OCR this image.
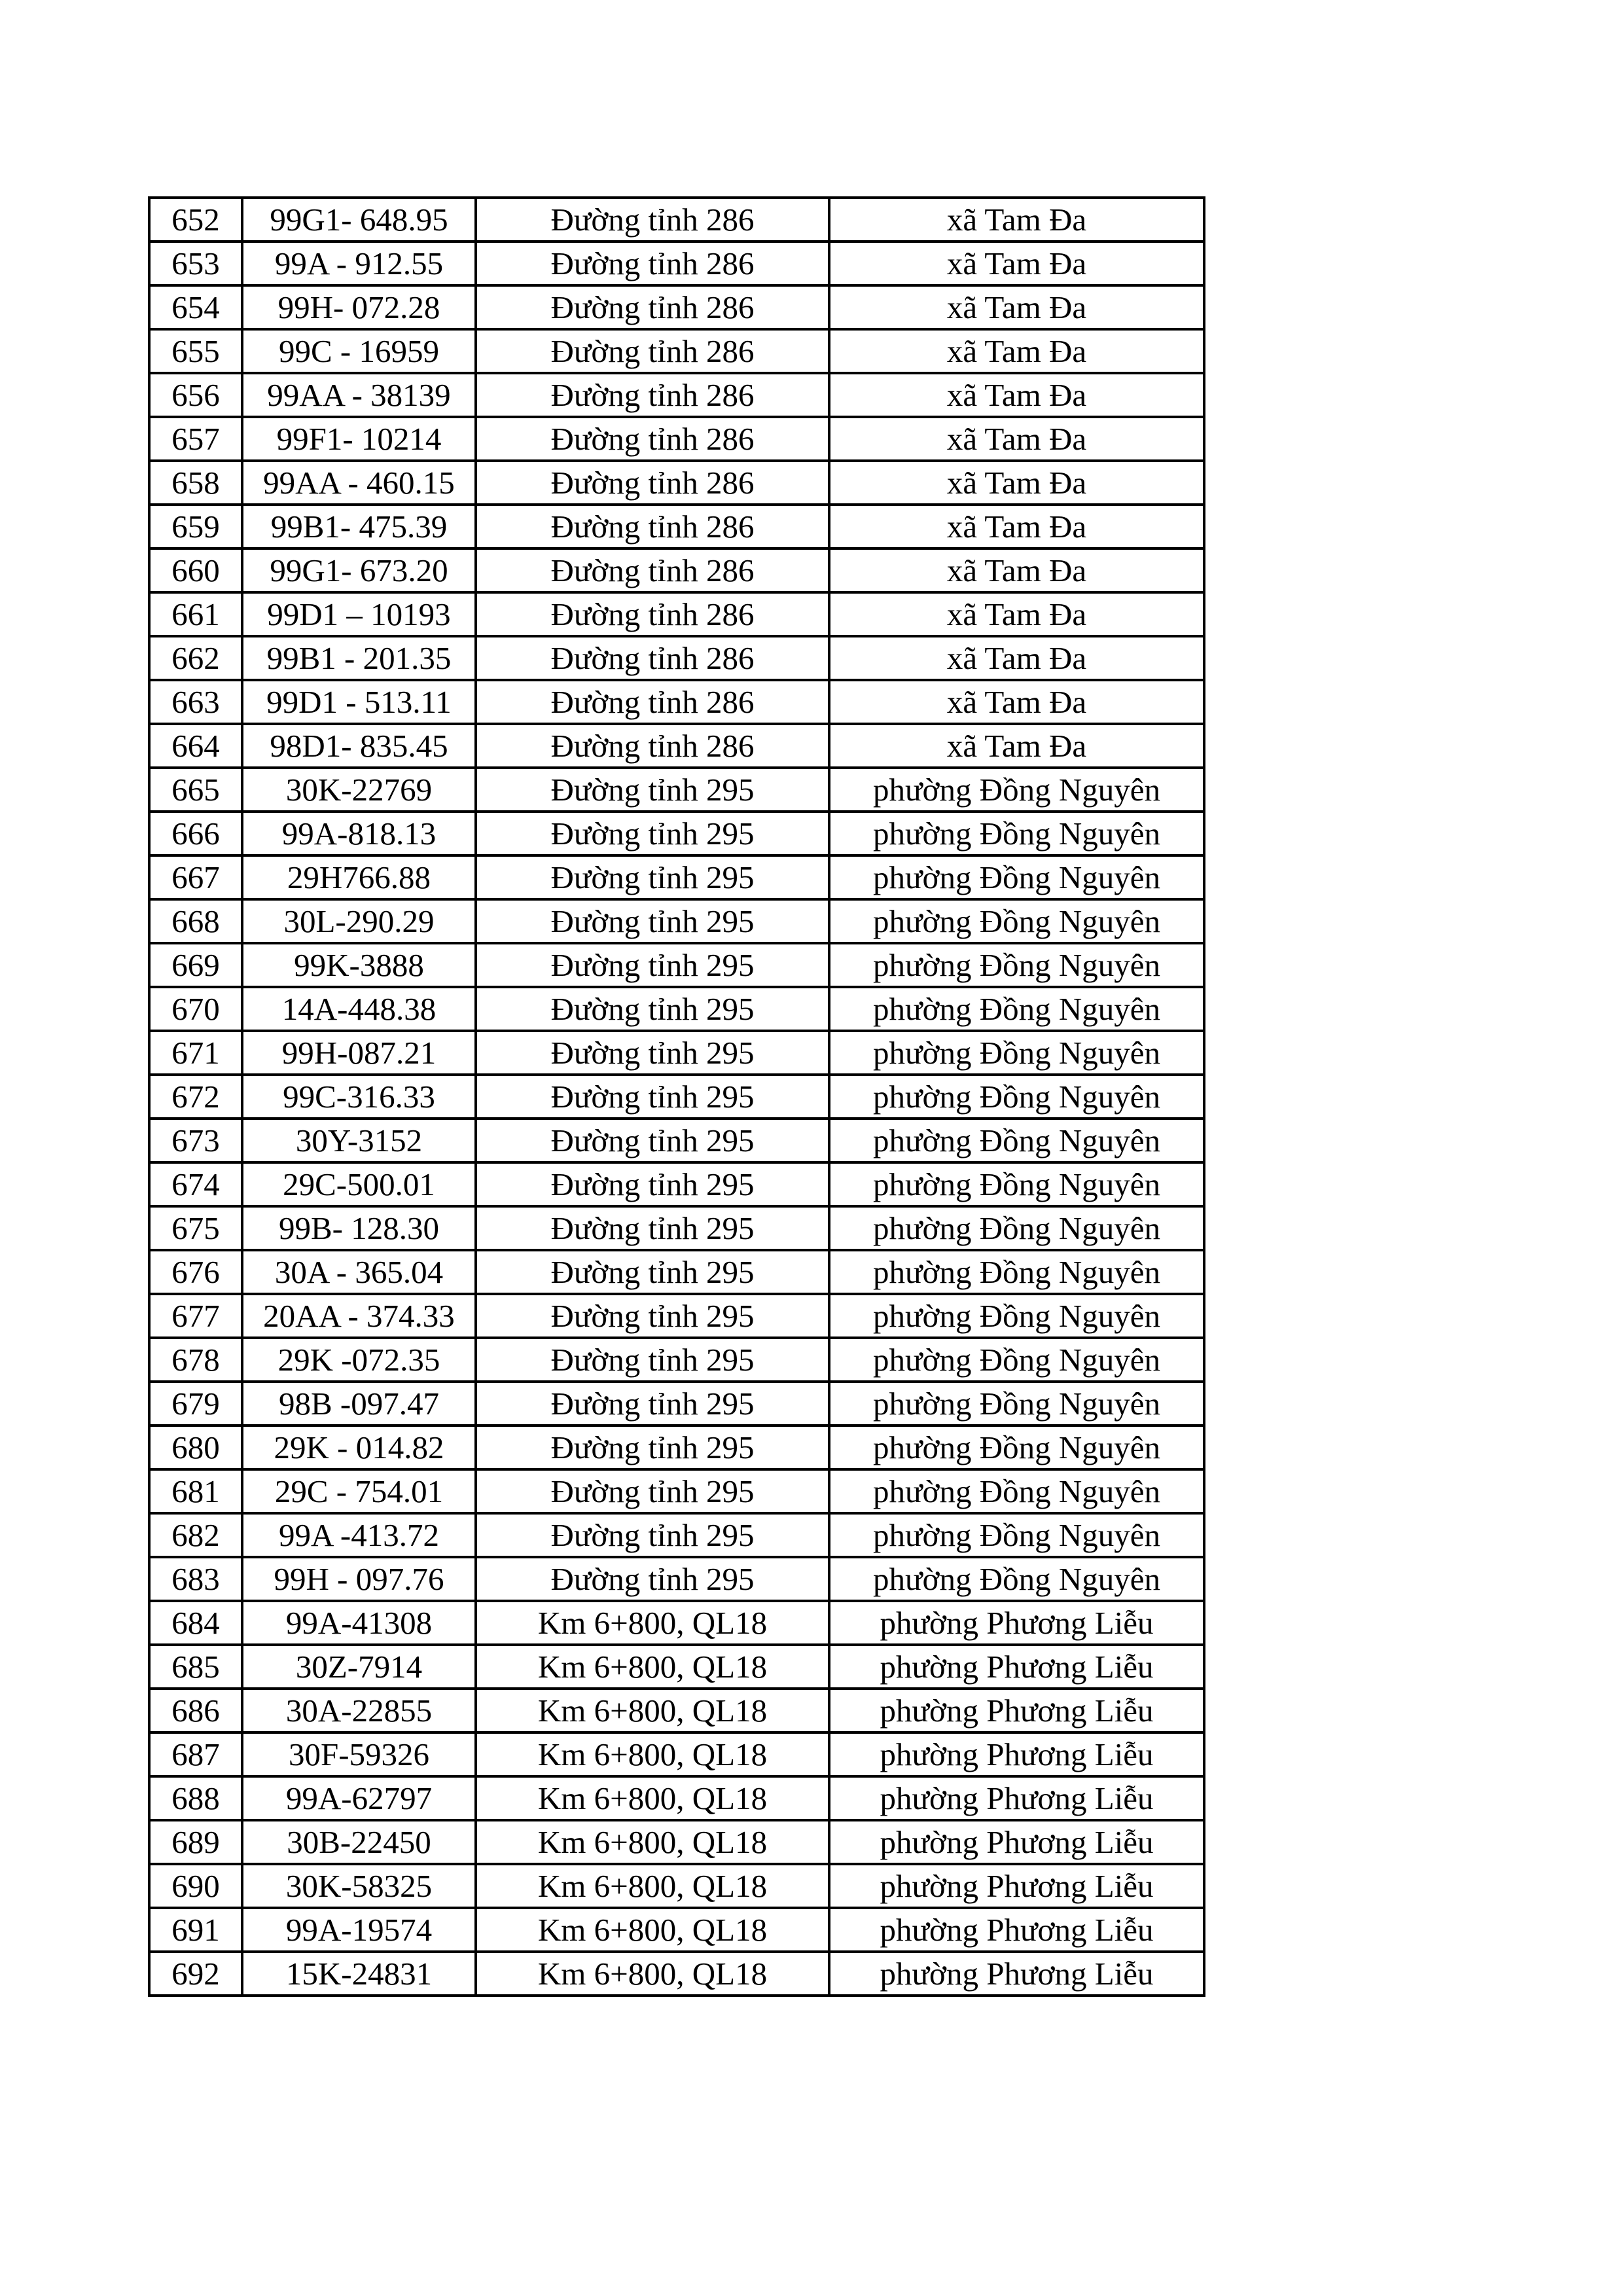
652	99G1- 648.95	Đường tỉnh 286	xã Tam Đa
653	99A - 912.55	Đường tỉnh 286	xã Tam Đa
654	99H- 072.28	Đường tỉnh 286	xã Tam Đa
655	99C - 16959	Đường tỉnh 286	xã Tam Đa
656	99AA - 38139	Đường tỉnh 286	xã Tam Đa
657	99F1- 10214	Đường tỉnh 286	xã Tam Đa
658	99AA - 460.15	Đường tỉnh 286	xã Tam Đa
659	99B1- 475.39	Đường tỉnh 286	xã Tam Đa
660	99G1- 673.20	Đường tỉnh 286	xã Tam Đa
661	99D1 – 10193	Đường tỉnh 286	xã Tam Đa
662	99B1 - 201.35	Đường tỉnh 286	xã Tam Đa
663	99D1 - 513.11	Đường tỉnh 286	xã Tam Đa
664	98D1- 835.45	Đường tỉnh 286	xã Tam Đa
665	30K-22769	Đường tỉnh 295	phường Đồng Nguyên
666	99A-818.13	Đường tỉnh 295	phường Đồng Nguyên
667	29H766.88	Đường tỉnh 295	phường Đồng Nguyên
668	30L-290.29	Đường tỉnh 295	phường Đồng Nguyên
669	99K-3888	Đường tỉnh 295	phường Đồng Nguyên
670	14A-448.38	Đường tỉnh 295	phường Đồng Nguyên
671	99H-087.21	Đường tỉnh 295	phường Đồng Nguyên
672	99C-316.33	Đường tỉnh 295	phường Đồng Nguyên
673	30Y-3152	Đường tỉnh 295	phường Đồng Nguyên
674	29C-500.01	Đường tỉnh 295	phường Đồng Nguyên
675	99B- 128.30	Đường tỉnh 295	phường Đồng Nguyên
676	30A - 365.04	Đường tỉnh 295	phường Đồng Nguyên
677	20AA - 374.33	Đường tỉnh 295	phường Đồng Nguyên
678	29K -072.35	Đường tỉnh 295	phường Đồng Nguyên
679	98B -097.47	Đường tỉnh 295	phường Đồng Nguyên
680	29K - 014.82	Đường tỉnh 295	phường Đồng Nguyên
681	29C - 754.01	Đường tỉnh 295	phường Đồng Nguyên
682	99A -413.72	Đường tỉnh 295	phường Đồng Nguyên
683	99H - 097.76	Đường tỉnh 295	phường Đồng Nguyên
684	99A-41308	Km 6+800, QL18	phường Phương Liễu
685	30Z-7914	Km 6+800, QL18	phường Phương Liễu
686	30A-22855	Km 6+800, QL18	phường Phương Liễu
687	30F-59326	Km 6+800, QL18	phường Phương Liễu
688	99A-62797	Km 6+800, QL18	phường Phương Liễu
689	30B-22450	Km 6+800, QL18	phường Phương Liễu
690	30K-58325	Km 6+800, QL18	phường Phương Liễu
691	99A-19574	Km 6+800, QL18	phường Phương Liễu
692	15K-24831	Km 6+800, QL18	phường Phương Liễu
